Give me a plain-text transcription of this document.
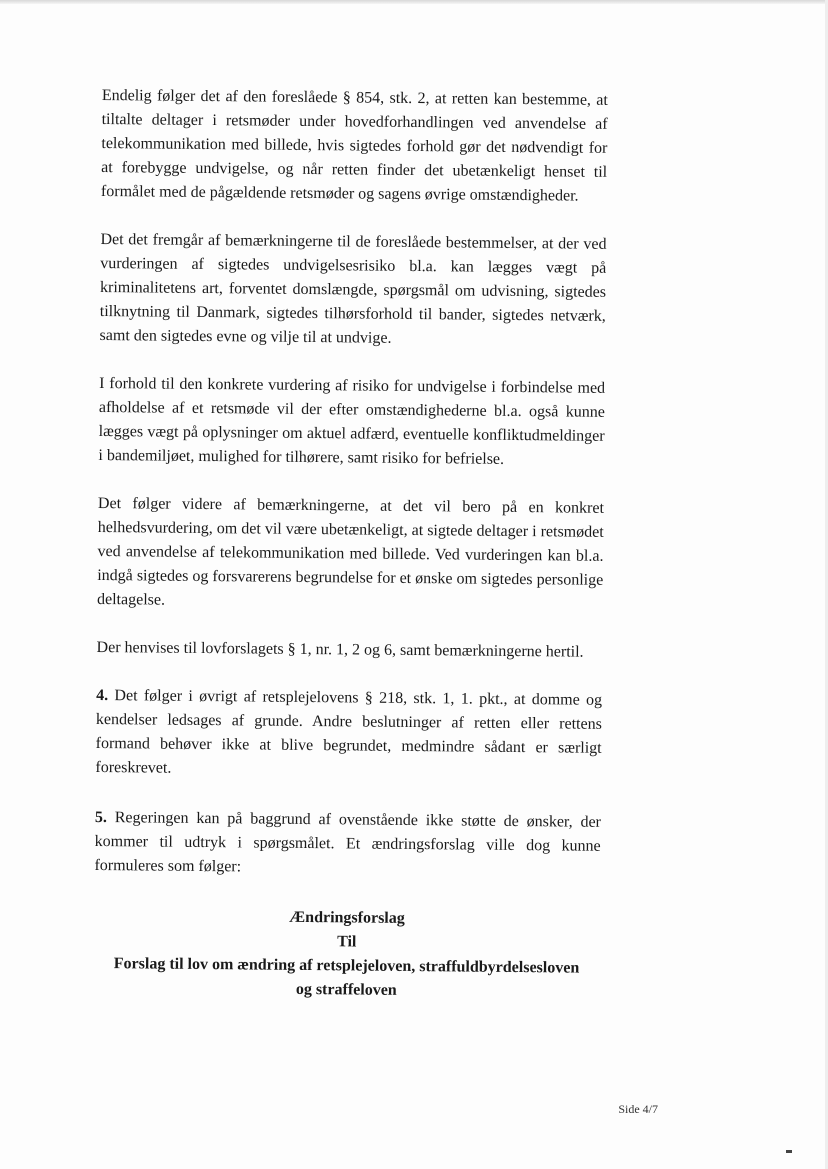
Endelig følger det af den foreslåede § 854, stk. 2, at retten kan bestemme, at tiltalte deltager i retsmøder under hovedforhandlingen ved anvendelse af telekommunikation med billede, hvis sigtedes forhold gør det nødvendigt for at forebygge undvigelse, og når retten finder det ubetænkeligt henset til formålet med de pågældende retsmøder og sagens øvrige omstændigheder.

Det det fremgår af bemærkningerne til de foreslåede bestemmelser, at der ved vurderingen af sigtedes undvigelsesrisiko bl.a. kan lægges vægt på kriminalitetens art, forventet domslængde, spørgsmål om udvisning, sigtedes tilknytning til Danmark, sigtedes tilhørsforhold til bander, sigtedes netværk, samt den sigtedes evne og vilje til at undvige.

I forhold til den konkrete vurdering af risiko for undvigelse i forbindelse med afholdelse af et retsmøde vil der efter omstændighederne bl.a. også kunne lægges vægt på oplysninger om aktuel adfærd, eventuelle konfliktudmeldinger i bandemiljøet, mulighed for tilhørere, samt risiko for befrielse.

Det følger videre af bemærkningerne, at det vil bero på en konkret helhedsvurdering, om det vil være ubetænkeligt, at sigtede deltager i retsmødet ved anvendelse af telekommunikation med billede. Ved vurderingen kan bl.a. indgå sigtedes og forsvarerens begrundelse for et ønske om sigtedes personlige deltagelse.

Der henvises til lovforslagets § 1, nr. 1, 2 og 6, samt bemærkningerne hertil.

4. Det følger i øvrigt af retsplejelovens § 218, stk. 1, 1. pkt., at domme og kendelser ledsages af grunde. Andre beslutninger af retten eller rettens formand behøver ikke at blive begrundet, medmindre sådant er særligt foreskrevet.

5. Regeringen kan på baggrund af ovenstående ikke støtte de ønsker, der kommer til udtryk i spørgsmålet. Et ændringsforslag ville dog kunne formuleres som følger:

Ændringsforslag
Til
Forslag til lov om ændring af retsplejeloven, straffuldbyrdelsesloven
og straffeloven
Side 4/7
